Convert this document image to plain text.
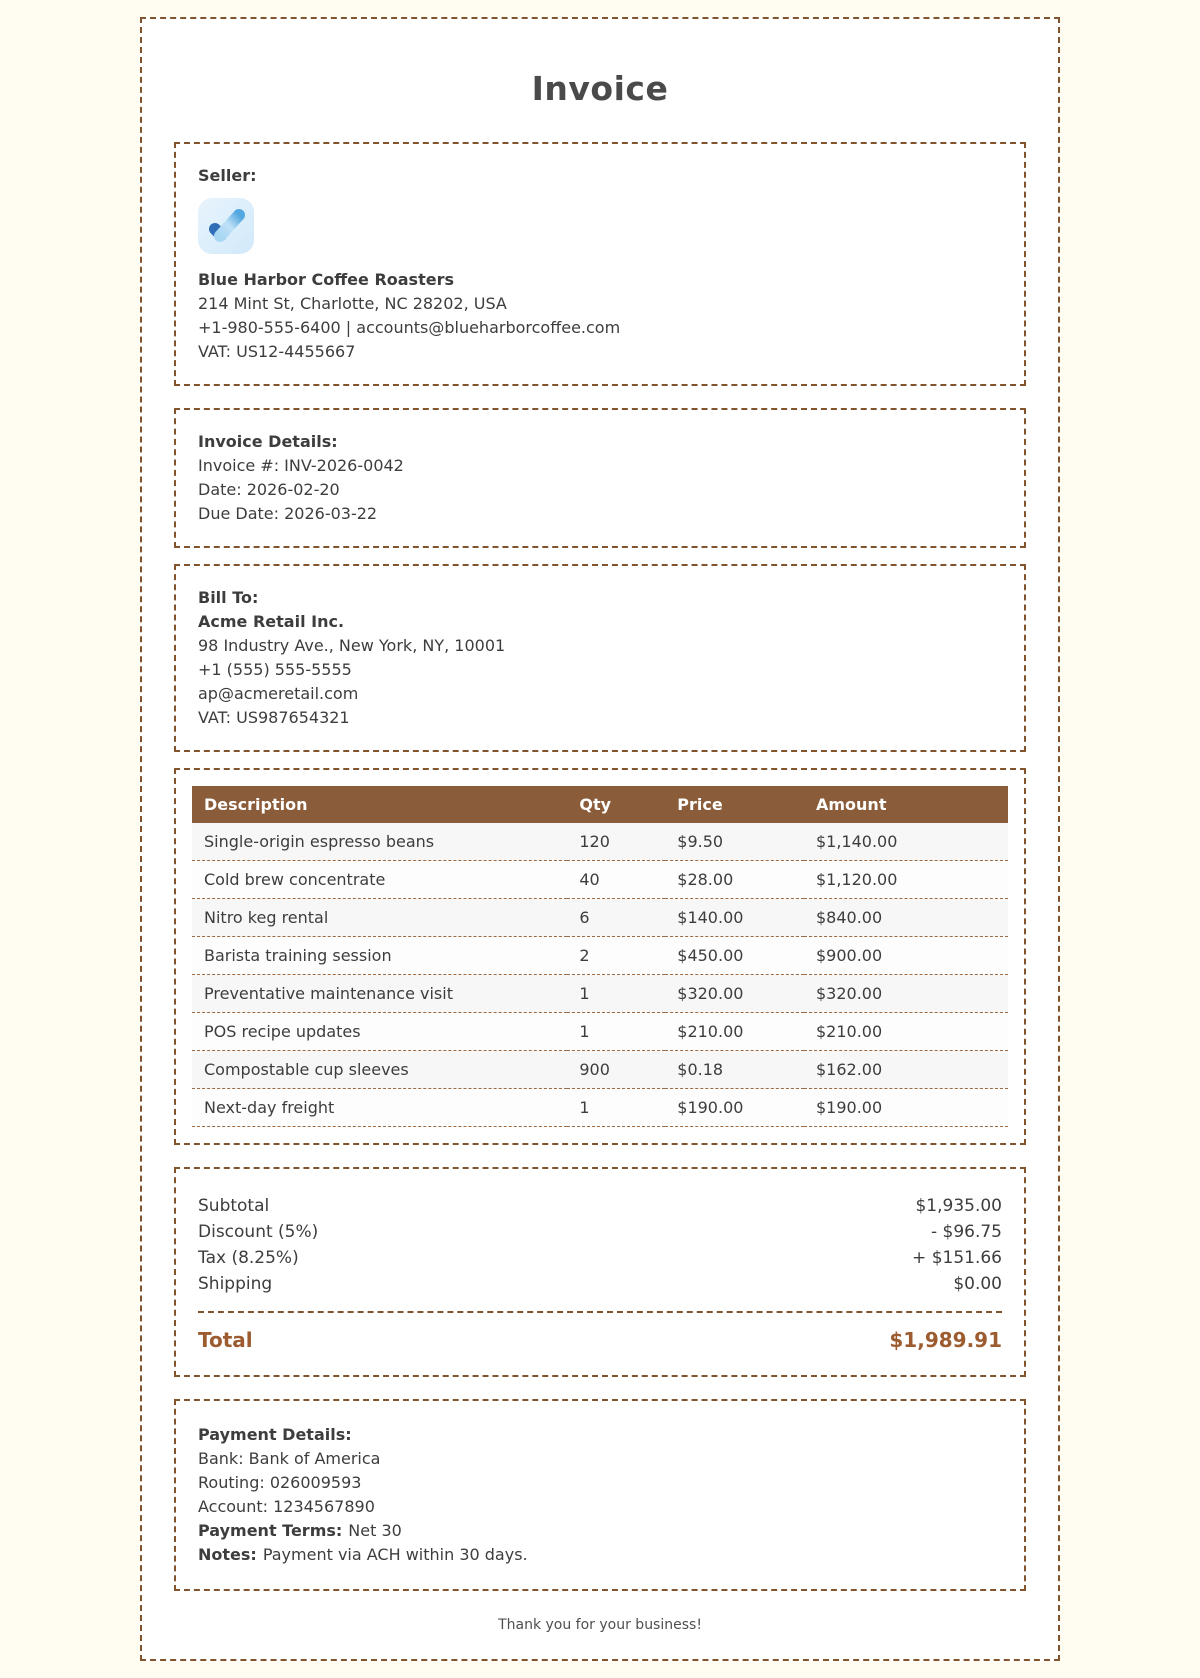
Invoice
Seller:
Blue Harbor Coffee Roasters
214 Mint St, Charlotte, NC 28202, USA
+1-980-555-6400 | accounts@blueharborcoffee.com
VAT: US12-4455667
Invoice Details:
Invoice #: INV-2026-0042
Date: 2026-02-20
Due Date: 2026-03-22
Bill To:
Acme Retail Inc.
98 Industry Ave., New York, NY, 10001
+1 (555) 555-5555
ap@acmeretail.com
VAT: US987654321
Description	Qty	Price	Amount
Single-origin espresso beans	120	$9.50	$1,140.00
Cold brew concentrate	40	$28.00	$1,120.00
Nitro keg rental	6	$140.00	$840.00
Barista training session	2	$450.00	$900.00
Preventative maintenance visit	1	$320.00	$320.00
POS recipe updates	1	$210.00	$210.00
Compostable cup sleeves	900	$0.18	$162.00
Next-day freight	1	$190.00	$190.00
Subtotal	$1,935.00
Discount (5%)	- $96.75
Tax (8.25%)	+ $151.66
Shipping	$0.00
Total	$1,989.91
Payment Details:
Bank: Bank of America
Routing: 026009593
Account: 1234567890
Payment Terms: Net 30
Notes: Payment via ACH within 30 days.
Thank you for your business!
